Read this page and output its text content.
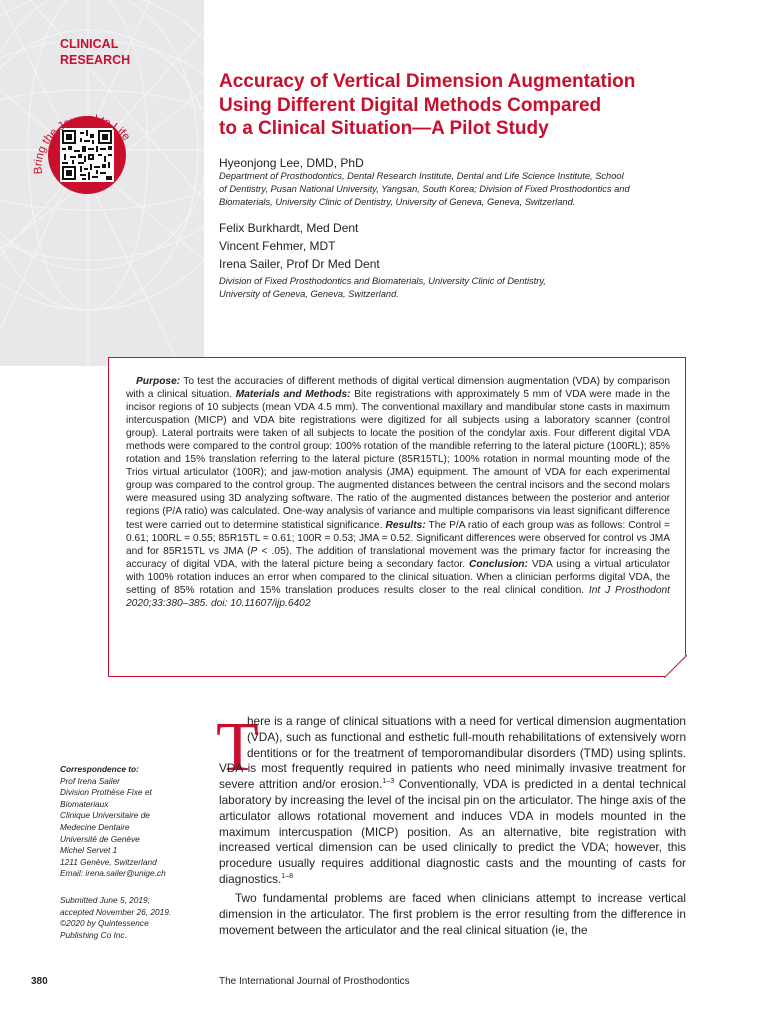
CLINICAL
RESEARCH
Bring the Journal to Life
Accuracy of Vertical Dimension Augmentation
Using Different Digital Methods Compared
to a Clinical Situation—A Pilot Study
Hyeonjong Lee, DMD, PhD
Department of Prosthodontics, Dental Research Institute, Dental and Life Science Institute, School
of Dentistry, Pusan National University, Yangsan, South Korea; Division of Fixed Prosthodontics and
Biomaterials, University Clinic of Dentistry, University of Geneva, Geneva, Switzerland.
Felix Burkhardt, Med Dent
Vincent Fehmer, MDT
Irena Sailer, Prof Dr Med Dent
Division of Fixed Prosthodontics and Biomaterials, University Clinic of Dentistry,
University of Geneva, Geneva, Switzerland.
Purpose: To test the accuracies of different methods of digital vertical dimension augmentation (VDA) by comparison with a clinical situation. Materials and Methods: Bite registrations with approximately 5 mm of VDA were made in the incisor regions of 10 subjects (mean VDA 4.5 mm). The conventional maxillary and mandibular stone casts in maximum intercuspation (MICP) and VDA bite registrations were digitized for all subjects using a laboratory scanner (control group). Lateral portraits were taken of all subjects to locate the position of the condylar axis. Four different digital VDA methods were compared to the control group: 100% rotation of the mandible referring to the lateral picture (100RL); 85% rotation and 15% translation referring to the lateral picture (85R15TL); 100% rotation in normal mounting mode of the Trios virtual articulator (100R); and jaw-motion analysis (JMA) equipment. The amount of VDA for each experimental group was compared to the control group. The augmented distances between the central incisors and the second molars were measured using 3D analyzing software. The ratio of the augmented distances between the posterior and anterior regions (P/A ratio) was calculated. One-way analysis of variance and multiple comparisons via least significant difference test were carried out to determine statistical significance. Results: The P/A ratio of each group was as follows: Control = 0.61; 100RL = 0.55; 85R15TL = 0.61; 100R = 0.53; JMA = 0.52. Significant differences were observed for control vs JMA and for 85R15TL vs JMA (P < .05). The addition of translational movement was the primary factor for increasing the accuracy of digital VDA, with the lateral picture being a secondary factor. Conclusion: VDA using a virtual articulator with 100% rotation induces an error when compared to the clinical situation. When a clinician performs digital VDA, the setting of 85% rotation and 15% translation produces results closer to the real clinical condition. Int J Prosthodont 2020;33:380–385. doi: 10.11607/ijp.6402
Correspondence to:
Prof Irena Sailer
Division Prothèse Fixe et
Biomateriaux
Clinique Universitaire de
Medecine Dentaire
Université de Genève
Michel Servet 1
1211 Genève, Switzerland
Email: irena.sailer@unige.ch
Submitted June 5, 2019;
accepted November 26, 2019.
©2020 by Quintessence
Publishing Co Inc.
T
here is a range of clinical situations with a need for vertical dimension augmentation (VDA), such as functional and esthetic full-mouth rehabilitations of extensively worn dentitions or for the treatment of temporomandibular disorders (TMD) using splints. VDA is most frequently required in patients who need minimally invasive treatment for severe attrition and/or erosion.$^{1-3}$ Conventionally, VDA is predicted in a dental technical laboratory by increasing the level of the incisal pin on the articulator. The hinge axis of the articulator allows rotational movement and induces VDA in models mounted in the maximum intercuspation (MICP) position. As an alternative, bite registration with increased vertical dimension can be used clinically to predict the VDA; however, this procedure usually requires additional diagnostic casts and the mounting of casts for diagnostics.$^{1-8}$
Two fundamental problems are faced when clinicians attempt to increase vertical dimension in the articulator. The first problem is the error resulting from the difference in movement between the articulator and the real clinical situation (ie, the
380	The International Journal of Prosthodontics
